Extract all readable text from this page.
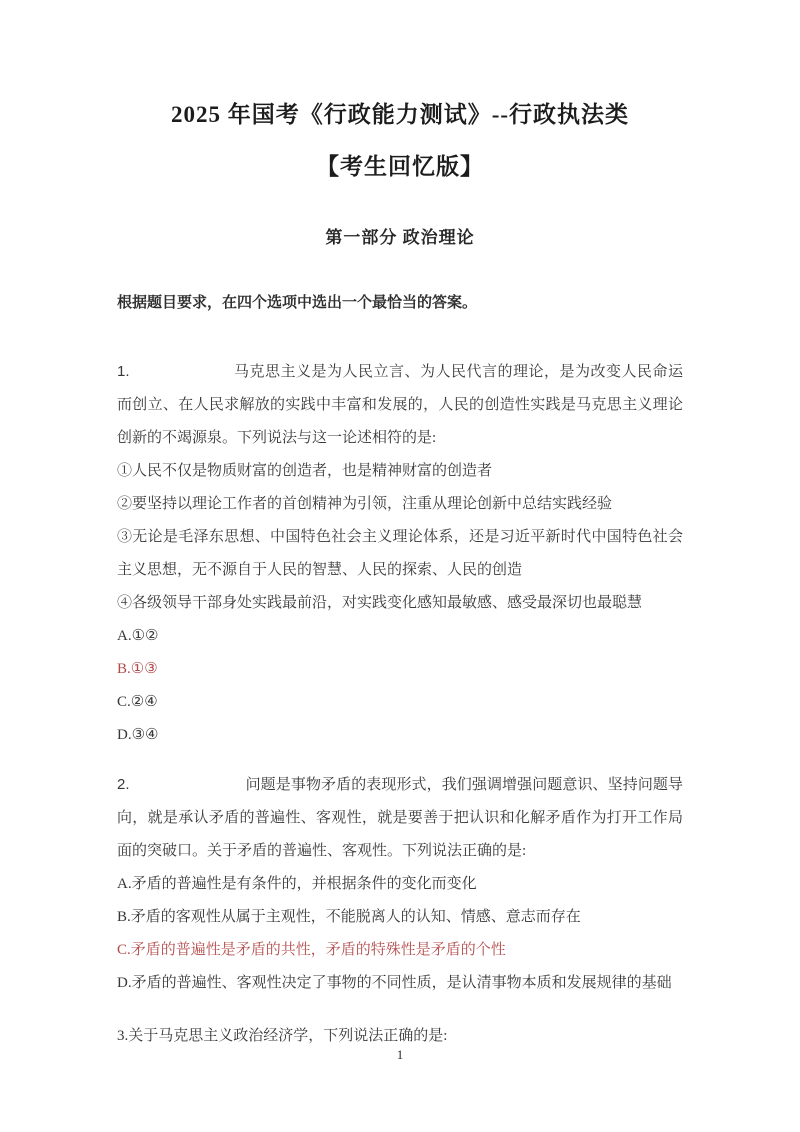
2025 年国考《行政能力测试》--行政执法类
【考生回忆版】
第一部分 政治理论
根据题目要求，在四个选项中选出一个最恰当的答案。

1.	马克思主义是为人民立言、为人民代言的理论，是为改变人民命运而创立、在人民求解放的实践中丰富和发展的，人民的创造性实践是马克思主义理论创新的不竭源泉。下列说法与这一论述相符的是:

①人民不仅是物质财富的创造者，也是精神财富的创造者

②要坚持以理论工作者的首创精神为引领，注重从理论创新中总结实践经验

③无论是毛泽东思想、中国特色社会主义理论体系，还是习近平新时代中国特色社会主义思想，无不源自于人民的智慧、人民的探索、人民的创造

④各级领导干部身处实践最前沿，对实践变化感知最敏感、感受最深切也最聪慧

A.①②

B.①③

C.②④

D.③④

2.	问题是事物矛盾的表现形式，我们强调增强问题意识、坚持问题导向，就是承认矛盾的普遍性、客观性，就是要善于把认识和化解矛盾作为打开工作局面的突破口。关于矛盾的普遍性、客观性。下列说法正确的是:

A.矛盾的普遍性是有条件的，并根据条件的变化而变化

B.矛盾的客观性从属于主观性，不能脱离人的认知、情感、意志而存在

C.矛盾的普遍性是矛盾的共性，矛盾的特殊性是矛盾的个性

D.矛盾的普遍性、客观性决定了事物的不同性质，是认清事物本质和发展规律的基础

3.关于马克思主义政治经济学，下列说法正确的是:

1
